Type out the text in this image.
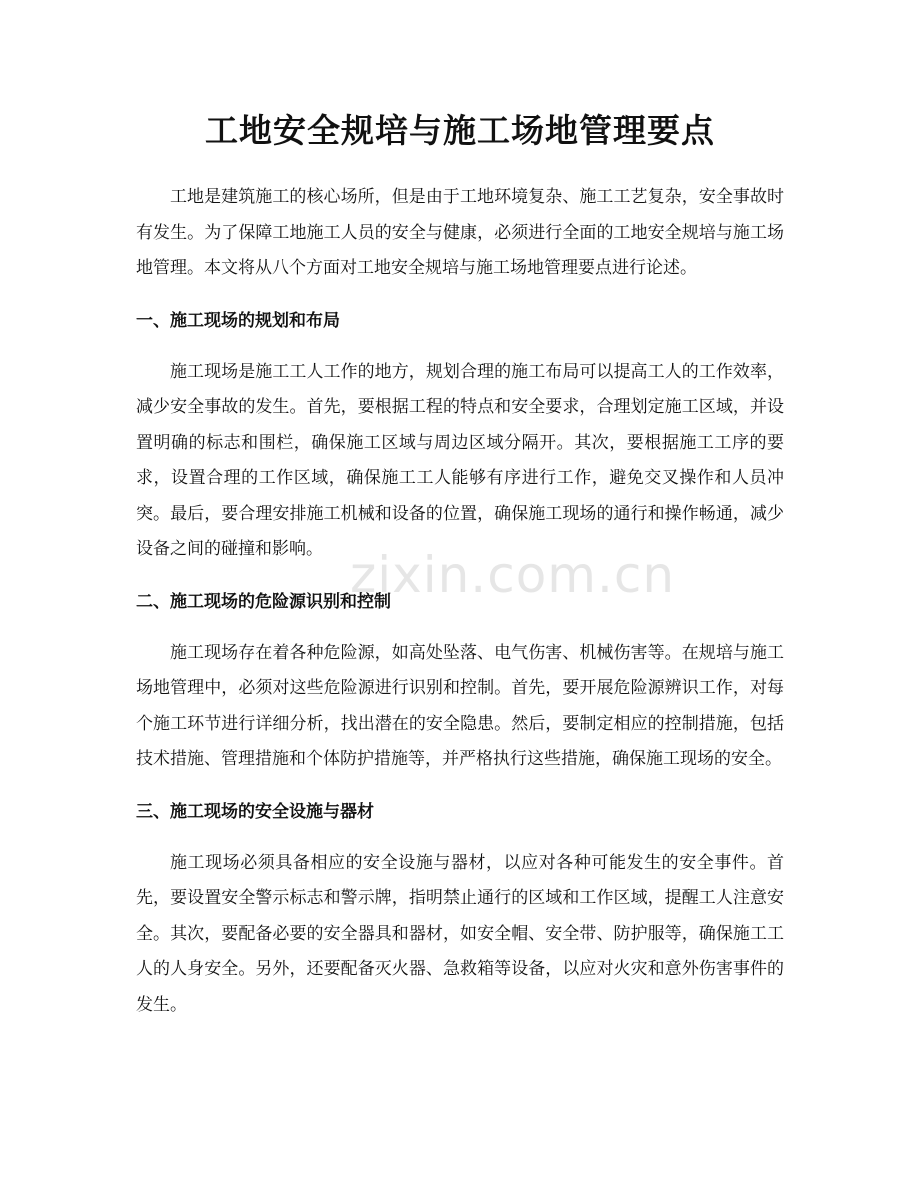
工地安全规培与施工场地管理要点

工地是建筑施工的核心场所，但是由于工地环境复杂、施工工艺复杂，安全事故时有发生。为了保障工地施工人员的安全与健康，必须进行全面的工地安全规培与施工场地管理。本文将从八个方面对工地安全规培与施工场地管理要点进行论述。

一、施工现场的规划和布局

施工现场是施工工人工作的地方，规划合理的施工布局可以提高工人的工作效率，减少安全事故的发生。首先，要根据工程的特点和安全要求，合理划定施工区域，并设置明确的标志和围栏，确保施工区域与周边区域分隔开。其次，要根据施工工序的要求，设置合理的工作区域，确保施工工人能够有序进行工作，避免交叉操作和人员冲突。最后，要合理安排施工机械和设备的位置，确保施工现场的通行和操作畅通，减少设备之间的碰撞和影响。

二、施工现场的危险源识别和控制

施工现场存在着各种危险源，如高处坠落、电气伤害、机械伤害等。在规培与施工场地管理中，必须对这些危险源进行识别和控制。首先，要开展危险源辨识工作，对每个施工环节进行详细分析，找出潜在的安全隐患。然后，要制定相应的控制措施，包括技术措施、管理措施和个体防护措施等，并严格执行这些措施，确保施工现场的安全。

三、施工现场的安全设施与器材

施工现场必须具备相应的安全设施与器材，以应对各种可能发生的安全事件。首先，要设置安全警示标志和警示牌，指明禁止通行的区域和工作区域，提醒工人注意安全。其次，要配备必要的安全器具和器材，如安全帽、安全带、防护服等，确保施工工人的人身安全。另外，还要配备灭火器、急救箱等设备，以应对火灾和意外伤害事件的发生。

zixin.com.cn
